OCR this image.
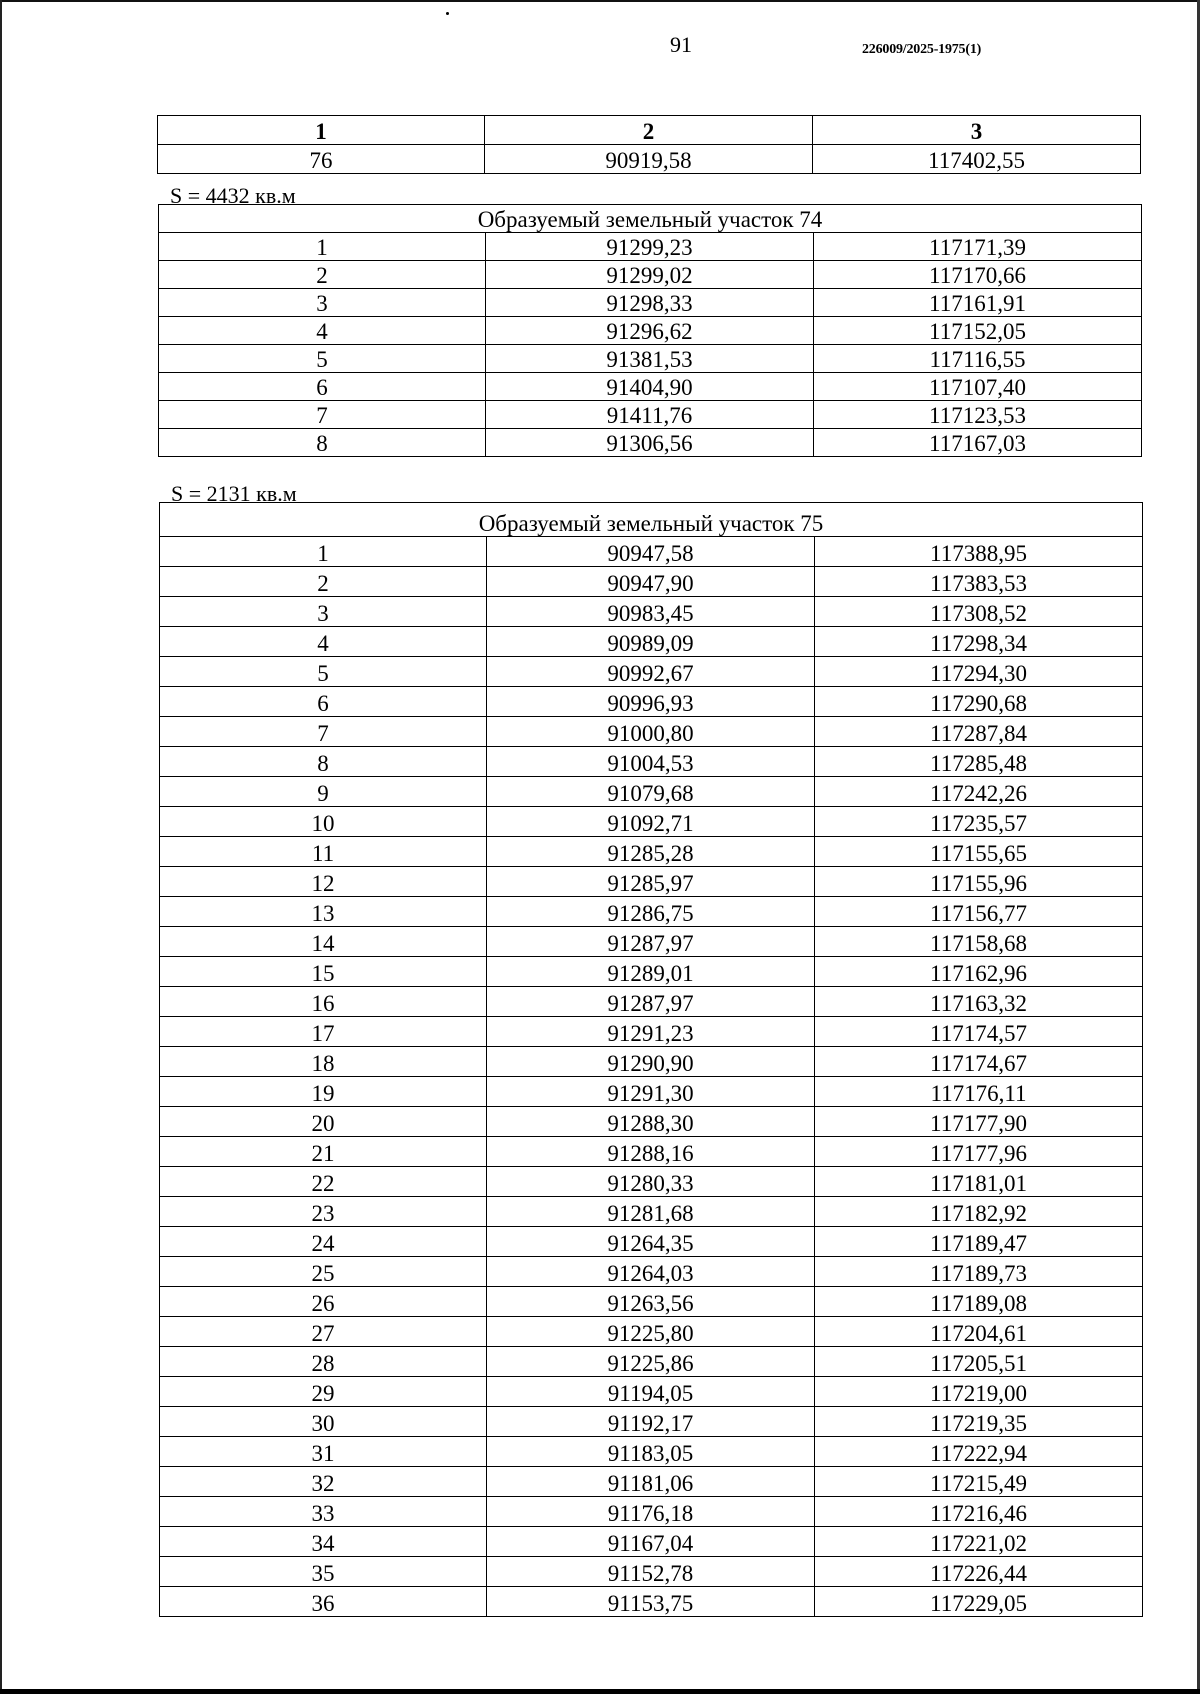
91	226009/2025-1975(1)
1	2	3
76	90919,58	117402,55
S = 4432 кв.м
Образуемый земельный участок 74		
1	91299,23	117171,39
2	91299,02	117170,66
3	91298,33	117161,91
4	91296,62	117152,05
5	91381,53	117116,55
6	91404,90	117107,40
7	91411,76	117123,53
8	91306,56	117167,03
S = 2131 кв.м
Образуемый земельный участок 75		
1	90947,58	117388,95
2	90947,90	117383,53
3	90983,45	117308,52
4	90989,09	117298,34
5	90992,67	117294,30
6	90996,93	117290,68
7	91000,80	117287,84
8	91004,53	117285,48
9	91079,68	117242,26
10	91092,71	117235,57
11	91285,28	117155,65
12	91285,97	117155,96
13	91286,75	117156,77
14	91287,97	117158,68
15	91289,01	117162,96
16	91287,97	117163,32
17	91291,23	117174,57
18	91290,90	117174,67
19	91291,30	117176,11
20	91288,30	117177,90
21	91288,16	117177,96
22	91280,33	117181,01
23	91281,68	117182,92
24	91264,35	117189,47
25	91264,03	117189,73
26	91263,56	117189,08
27	91225,80	117204,61
28	91225,86	117205,51
29	91194,05	117219,00
30	91192,17	117219,35
31	91183,05	117222,94
32	91181,06	117215,49
33	91176,18	117216,46
34	91167,04	117221,02
35	91152,78	117226,44
36	91153,75	117229,05
